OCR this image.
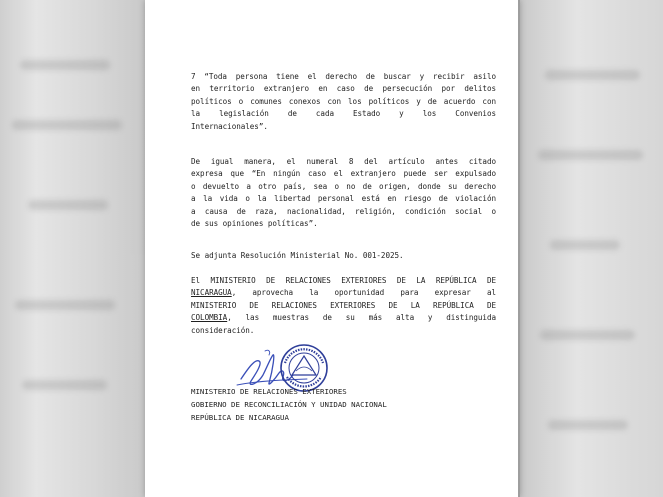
7 “Toda persona tiene el derecho de buscar y recibir asilo
en territorio extranjero en caso de persecución por delitos
políticos o comunes conexos con los políticos y de acuerdo con
la legislación de cada Estado y los Convenios
Internacionales”.
De igual manera, el numeral 8 del artículo antes citado
expresa que “En ningún caso el extranjero puede ser expulsado
o devuelto a otro país, sea o no de origen, donde su derecho
a la vida o la libertad personal está en riesgo de violación
a causa de raza, nacionalidad, religión, condición social o
de sus opiniones políticas”.
Se adjunta Resolución Ministerial No. 001-2025.
El MINISTERIO DE RELACIONES EXTERIORES DE LA REPÚBLICA DE
NICARAGUA, aprovecha la oportunidad para expresar al
MINISTERIO DE RELACIONES EXTERIORES DE LA REPÚBLICA DE
COLOMBIA, las muestras de su más alta y distinguida
consideración.
MINISTERIO DE RELACIONES EXTERIORES
GOBIERNO DE RECONCILIACIÓN Y UNIDAD NACIONAL
REPÚBLICA DE NICARAGUA
